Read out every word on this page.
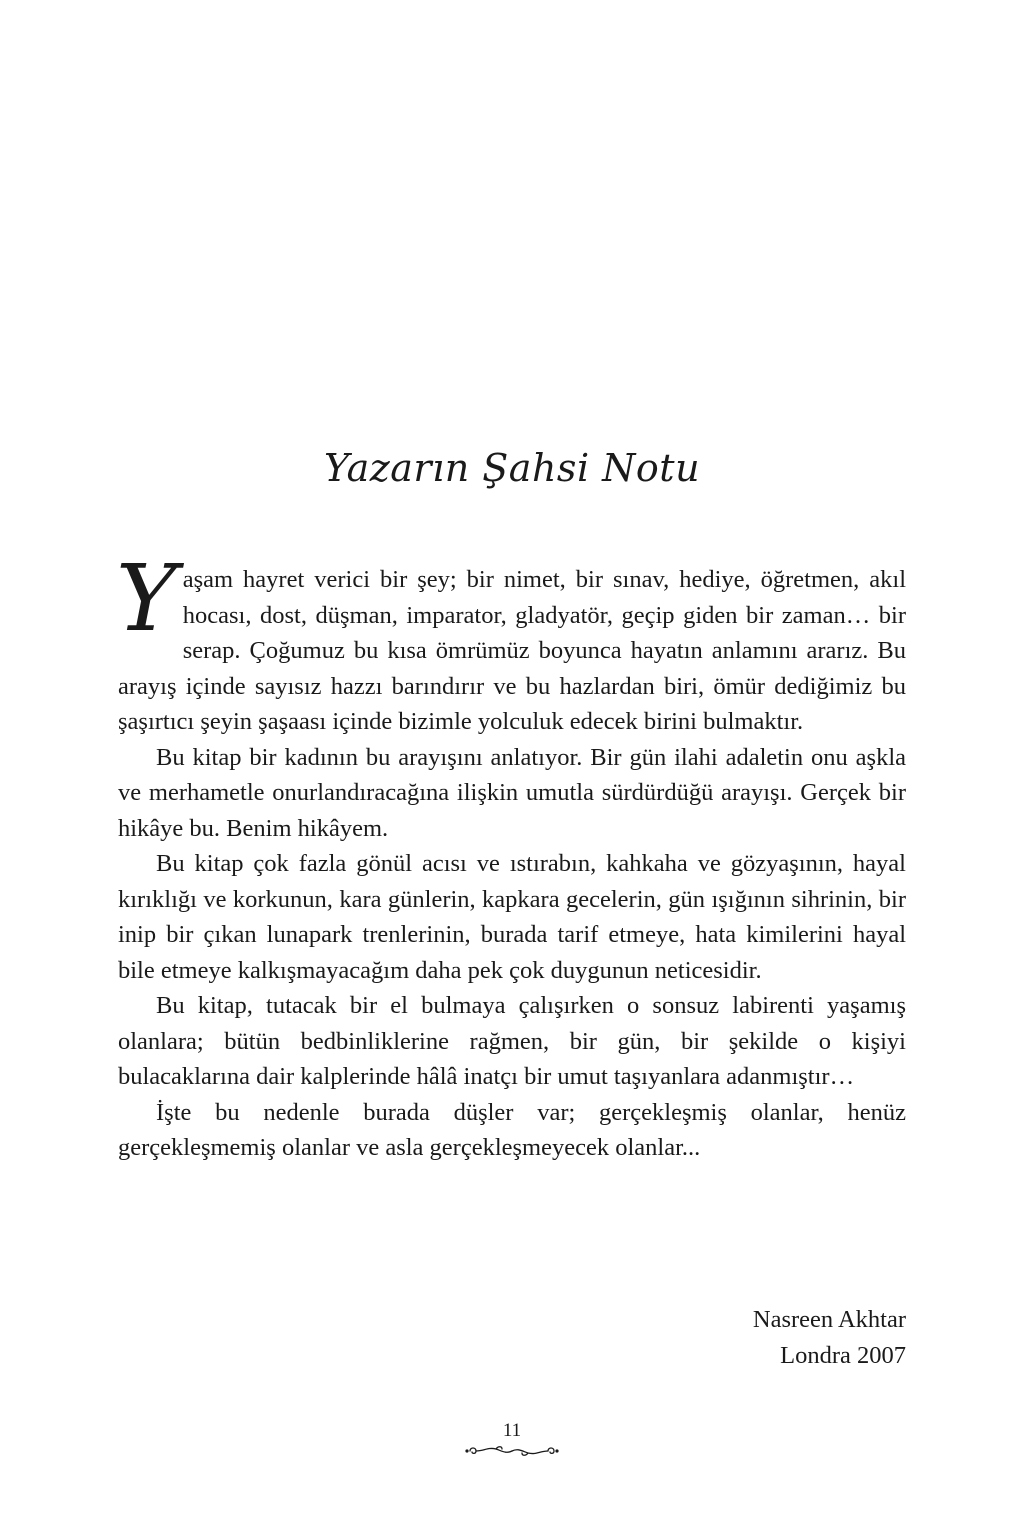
Yazarın Şahsi Notu

Yaşam hayret verici bir şey; bir nimet, bir sınav, hediye, öğretmen, akıl hocası, dost, düşman, imparator, gladyatör, geçip giden bir zaman… bir serap. Çoğumuz bu kısa ömrümüz boyunca hayatın anlamını ararız. Bu arayış içinde sayısız hazzı barındırır ve bu hazlardan biri, ömür dediğimiz bu şaşırtıcı şeyin şaşaası içinde bizimle yolculuk edecek birini bulmaktır.

Bu kitap bir kadının bu arayışını anlatıyor. Bir gün ilahi adaletin onu aşkla ve merhametle onurlandıracağına ilişkin umutla sürdürdüğü arayışı. Gerçek bir hikâye bu. Benim hikâyem.

Bu kitap çok fazla gönül acısı ve ıstırabın, kahkaha ve gözyaşının, hayal kırıklığı ve korkunun, kara günlerin, kapkara gecelerin, gün ışığının sihrinin, bir inip bir çıkan lunapark trenlerinin, burada tarif etmeye, hata kimilerini hayal bile etmeye kalkışmayacağım daha pek çok duygunun neticesidir.

Bu kitap, tutacak bir el bulmaya çalışırken o sonsuz labirenti yaşamış olanlara; bütün bedbinliklerine rağmen, bir gün, bir şekilde o kişiyi bulacaklarına dair kalplerinde hâlâ inatçı bir umut taşıyanlara adanmıştır…

İşte bu nedenle burada düşler var; gerçekleşmiş olanlar, henüz gerçekleşmemiş olanlar ve asla gerçekleşmeyecek olanlar...

Nasreen Akhtar
Londra 2007
11
